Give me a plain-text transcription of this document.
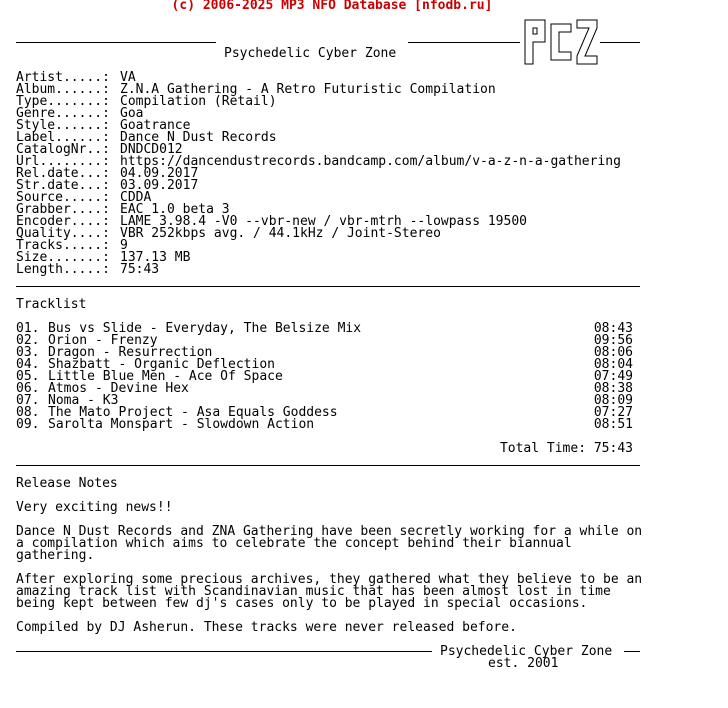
(c) 2006-2025 MP3 NFO Database [nfodb.ru]
Psychedelic Cyber Zone
Artist.....: VA
Album......: Z.N.A Gathering - A Retro Futuristic Compilation
Type.......: Compilation (Retail)
Genre......: Goa
Style......: Goatrance
Label......: Dance N Dust Records
CatalogNr..: DNDCD012
Url........: https://dancendustrecords.bandcamp.com/album/v-a-z-n-a-gathering
Rel.date...: 04.09.2017
Str.date...: 03.09.2017
Source.....: CDDA
Grabber....: EAC 1.0 beta 3
Encoder....: LAME 3.98.4 -V0 --vbr-new / vbr-mtrh --lowpass 19500
Quality....: VBR 252kbps avg. / 44.1kHz / Joint-Stereo
Tracks.....: 9
Size.......: 137.13 MB
Length.....: 75:43
Tracklist
01. Bus vs Slide - Everyday, The Belsize Mix	08:43
02. Orion - Frenzy	09:56
03. Dragon - Resurrection	08:06
04. Shazbatt - Organic Deflection	08:04
05. Little Blue Men - Ace Of Space	07:49
06. Atmos - Devine Hex	08:38
07. Noma - K3	08:09
08. The Mato Project - Asa Equals Goddess	07:27
09. Sarolta Monspart - Slowdown Action	08:51
Total Time: 75:43
Release Notes
Very exciting news!!
Dance N Dust Records and ZNA Gathering have been secretly working for a while on a compilation which aims to celebrate the concept behind their biannual gathering.
After exploring some precious archives, they gathered what they believe to be an amazing track list with Scandinavian music that has been almost lost in time being kept between few dj's cases only to be played in special occasions.
Compiled by DJ Asherun. These tracks were never released before.
Psychedelic Cyber Zone
est. 2001
